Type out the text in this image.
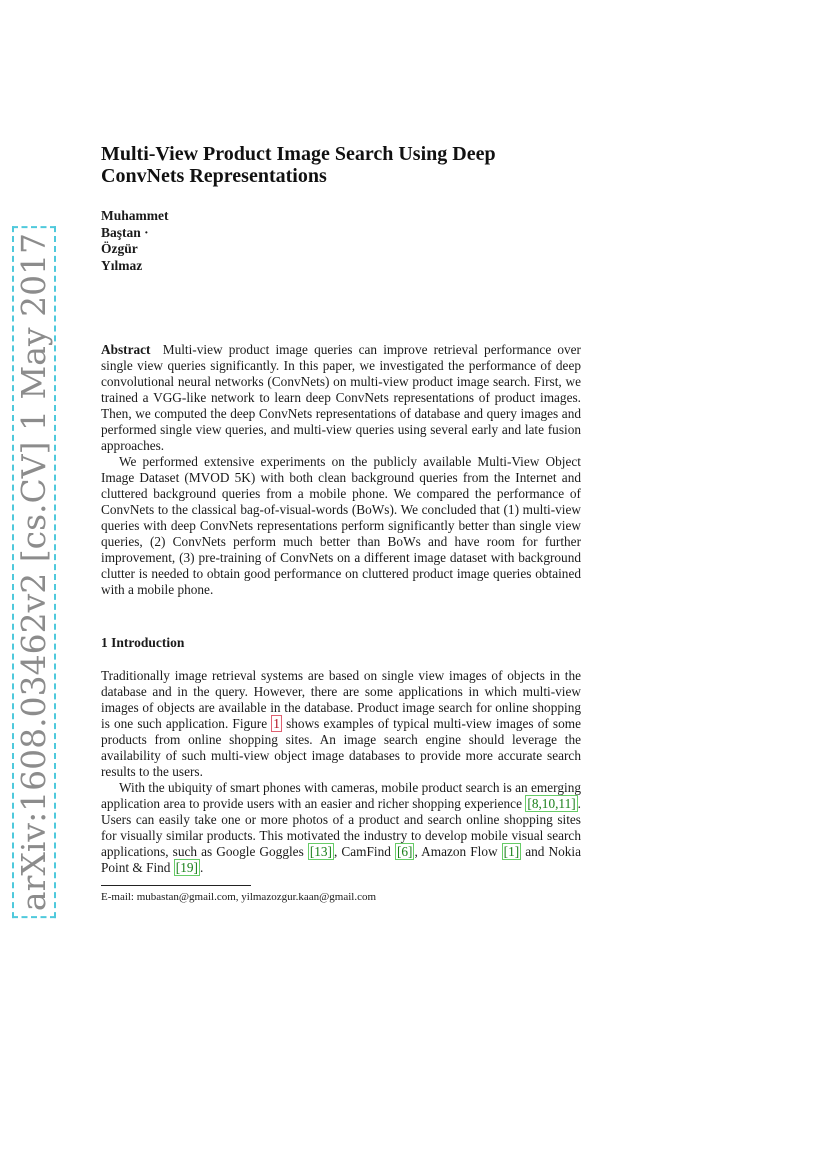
arXiv:1608.03462v2 [cs.CV] 1 May 2017
Multi-View Product Image Search Using Deep
ConvNets Representations
Muhammet
Baştan ·
Özgür
Yılmaz

Abstract Multi-view product image queries can improve retrieval performance over single view queries significantly. In this paper, we investigated the performance of deep convolutional neural networks (ConvNets) on multi-view product image search. First, we trained a VGG-like network to learn deep ConvNets representations of product images. Then, we computed the deep ConvNets representations of database and query images and performed single view queries, and multi-view queries using several early and late fusion approaches.

We performed extensive experiments on the publicly available Multi-View Object Image Dataset (MVOD 5K) with both clean background queries from the Internet and cluttered background queries from a mobile phone. We compared the performance of ConvNets to the classical bag-of-visual-words (BoWs). We concluded that (1) multi-view queries with deep ConvNets representations perform significantly better than single view queries, (2) ConvNets perform much better than BoWs and have room for further improvement, (3) pre-training of ConvNets on a different image dataset with background clutter is needed to obtain good performance on cluttered product image queries obtained with a mobile phone.

1 Introduction

Traditionally image retrieval systems are based on single view images of objects in the database and in the query. However, there are some applications in which multi-view images of objects are available in the database. Product image search for online shopping is one such application. Figure 1 shows examples of typical multi-view images of some products from online shopping sites. An image search engine should leverage the availability of such multi-view object image databases to provide more accurate search results to the users.

With the ubiquity of smart phones with cameras, mobile product search is an emerging application area to provide users with an easier and richer shopping experience [8,10,11] . Users can easily take one or more photos of a product and search online shopping sites for visually similar products. This motivated the industry to develop mobile visual search applications, such as Google Goggles [13] , CamFind [6] , Amazon Flow [1] and Nokia Point & Find [19] .

E-mail: mubastan@gmail.com, yilmazozgur.kaan@gmail.com
